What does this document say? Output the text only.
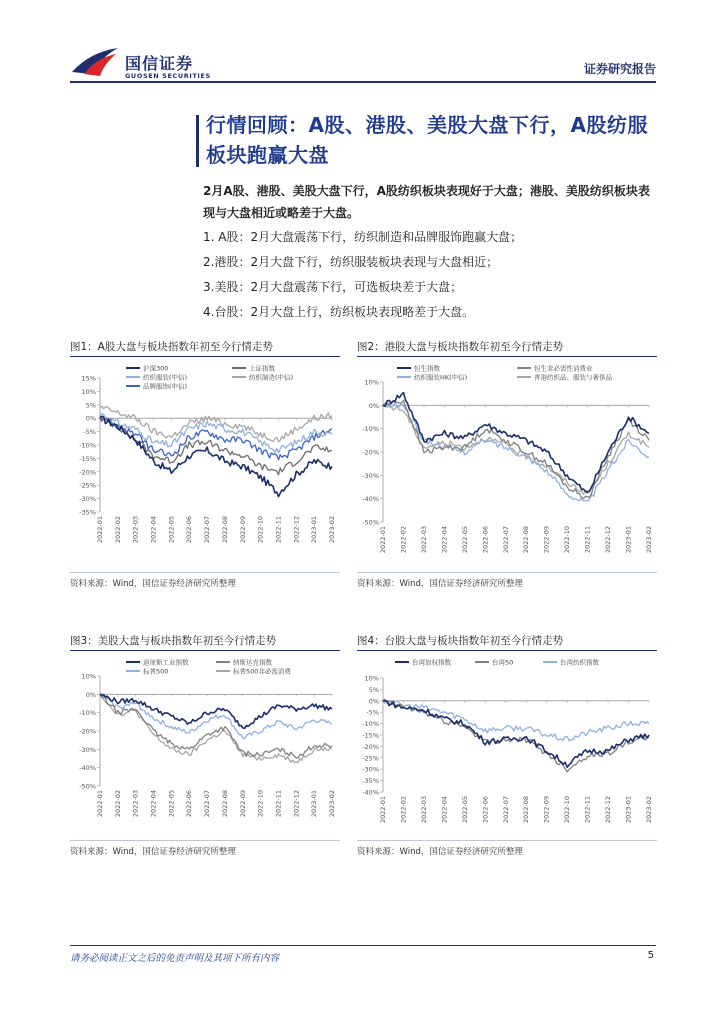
国信证券
GUOSEN SECURITIES	证券研究报告
行情回顾：A股、港股、美股大盘下行，A股纺服板块跑赢大盘
2月A股、港股、美股大盘下行，A股纺织板块表现好于大盘；港股、美股纺织板块表现与大盘相近或略差于大盘。
1. A股：2月大盘震荡下行，纺织制造和品牌服饰跑赢大盘；
2.港股：2月大盘下行，纺织服装板块表现与大盘相近；
3.美股：2月大盘震荡下行，可选板块差于大盘；
4.台股：2月大盘上行，纺织板块表现略差于大盘。
图1：A股大盘与板块指数年初至今行情走势
15%
10%
5%
0%
-5%
-10%
-15%
-20%
-25%
-30%
-35%
2022-01 2022-02 2022-03 2022-04 2022-05 2022-06 2022-07 2022-08 2022-09 2022-10 2022-11 2022-12 2023-01 2023-02
沪深300	上证指数
纺织服装(中信)	纺织制造(中信)
品牌服饰(中信)
资料来源：Wind，国信证券经济研究所整理
图2：港股大盘与板块指数年初至今行情走势
10%
0%
-10%
-20%
-30%
-40%
-50%
2022-01 2022-02 2022-03 2022-04 2022-05 2022-06 2022-07 2022-08 2022-09 2022-10 2022-11 2022-12 2023-01 2023-02
恒生指数	恒生非必需性消费业
纺织服装HK(中信)	香港纺织品、服装与奢侈品
资料来源：Wind，国信证券经济研究所整理
图3：美股大盘与板块指数年初至今行情走势
10%
0%
-10%
-20%
-30%
-40%
-50%
2022-01 2022-02 2022-03 2022-04 2022-05 2022-06 2022-07 2022-08 2022-09 2022-10 2022-11 2022-12 2023-01 2023-02
道琼斯工业指数	纳斯达克指数
标普500	标普500非必需消费
资料来源：Wind，国信证券经济研究所整理
图4：台股大盘与板块指数年初至今行情走势
10%
5%
0%
-5%
-10%
-15%
-20%
-25%
-30%
-35%
-40%
2022-01 2022-02 2022-03 2022-04 2022-05 2022-06 2022-07 2022-08 2022-09 2022-10 2022-11 2022-12 2023-01 2023-02
台湾加权指数	台湾50	台湾纺织指数
资料来源：Wind，国信证券经济研究所整理
请务必阅读正文之后的免责声明及其项下所有内容	5
